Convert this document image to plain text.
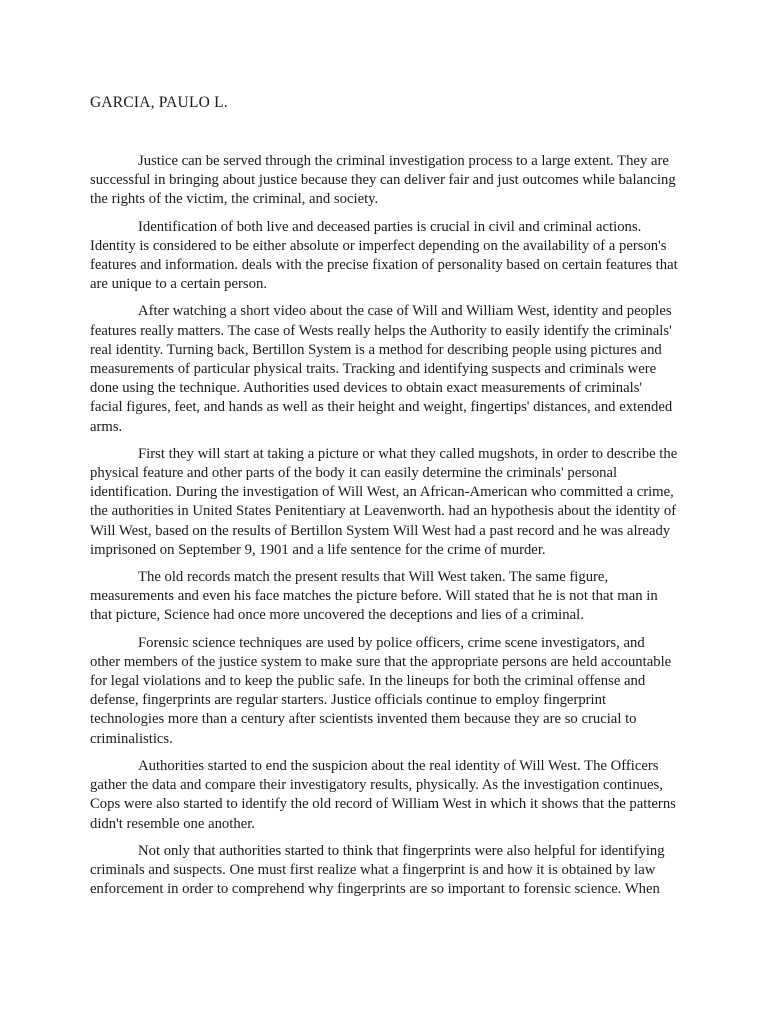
GARCIA, PAULO L.

Justice can be served through the criminal investigation process to a large extent. They are successful in bringing about justice because they can deliver fair and just outcomes while balancing the rights of the victim, the criminal, and society.

Identification of both live and deceased parties is crucial in civil and criminal actions. Identity is considered to be either absolute or imperfect depending on the availability of a person's features and information. deals with the precise fixation of personality based on certain features that are unique to a certain person.

After watching a short video about the case of Will and William West, identity and peoples features really matters. The case of Wests really helps the Authority to easily identify the criminals' real identity. Turning back, Bertillon System is a method for describing people using pictures and measurements of particular physical traits. Tracking and identifying suspects and criminals were done using the technique. Authorities used devices to obtain exact measurements of criminals' facial figures, feet, and hands as well as their height and weight, fingertips' distances, and extended arms.

First they will start at taking a picture or what they called mugshots, in order to describe the physical feature and other parts of the body it can easily determine the criminals' personal identification. During the investigation of Will West, an African-American who committed a crime, the authorities in United States Penitentiary at Leavenworth. had an hypothesis about the identity of Will West, based on the results of Bertillon System Will West had a past record and he was already imprisoned on September 9, 1901 and a life sentence for the crime of murder.

The old records match the present results that Will West taken. The same figure, measurements and even his face matches the picture before. Will stated that he is not that man in that picture, Science had once more uncovered the deceptions and lies of a criminal.

Forensic science techniques are used by police officers, crime scene investigators, and other members of the justice system to make sure that the appropriate persons are held accountable for legal violations and to keep the public safe. In the lineups for both the criminal offense and defense, fingerprints are regular starters. Justice officials continue to employ fingerprint technologies more than a century after scientists invented them because they are so crucial to criminalistics.

Authorities started to end the suspicion about the real identity of Will West. The Officers gather the data and compare their investigatory results, physically. As the investigation continues, Cops were also started to identify the old record of William West in which it shows that the patterns didn't resemble one another.

Not only that authorities started to think that fingerprints were also helpful for identifying criminals and suspects. One must first realize what a fingerprint is and how it is obtained by law enforcement in order to comprehend why fingerprints are so important to forensic science. When
